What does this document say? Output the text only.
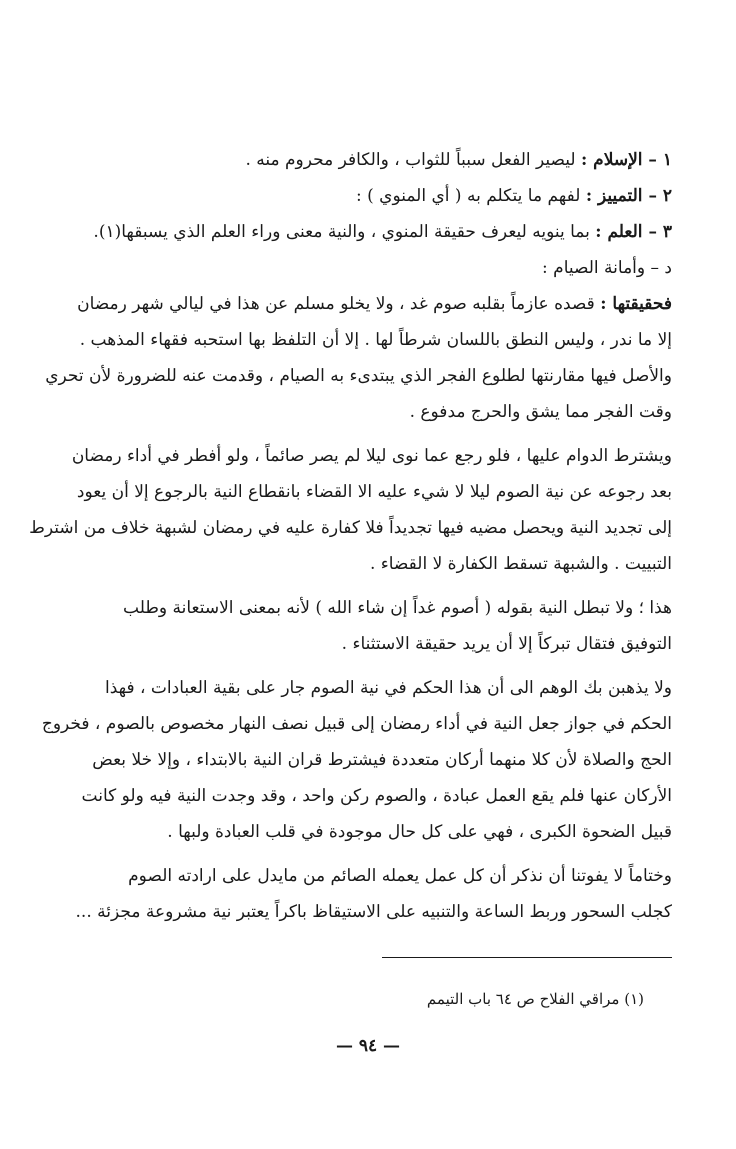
١ – الإسلام : ليصير الفعل سبباً للثواب ، والكافر محروم منه .
٢ – التمييز : لفهم ما يتكلم به ( أي المنوي ) :
٣ – العلم : بما ينويه ليعرف حقيقة المنوي ، والنية معنى وراء العلم الذي يسبقها(١).
د – وأمانة الصيام :
فحقيقتها : قصده عازماً بقلبه صوم غد ، ولا يخلو مسلم عن هذا في ليالي شهر رمضان
إلا ما ندر ، وليس النطق باللسان شرطاً لها . إلا أن التلفظ بها استحبه فقهاء المذهب .
والأصل فيها مقارنتها لطلوع الفجر الذي يبتدىء به الصيام ، وقدمت عنه للضرورة لأن تحري
وقت الفجر مما يشق والحرج مدفوع .
ويشترط الدوام عليها ، فلو رجع عما نوى ليلا لم يصر صائماً ، ولو أفطر في أداء رمضان
بعد رجوعه عن نية الصوم ليلا لا شيء عليه الا القضاء بانقطاع النية بالرجوع إلا أن يعود
إلى تجديد النية ويحصل مضيه فيها تجديداً فلا كفارة عليه في رمضان لشبهة خلاف من اشترط
التبييت . والشبهة تسقط الكفارة لا القضاء .
هذا ؛ ولا تبطل النية بقوله ( أصوم غداً إن شاء الله ) لأنه بمعنى الاستعانة وطلب
التوفيق فتقال تبركاً إلا أن يريد حقيقة الاستثناء .
ولا يذهبن بك الوهم الى أن هذا الحكم في نية الصوم جار على بقية العبادات ، فهذا
الحكم في جواز جعل النية في أداء رمضان إلى قبيل نصف النهار مخصوص بالصوم ، فخروج
الحج والصلاة لأن كلا منهما أركان متعددة فيشترط قران النية بالابتداء ، وإلا خلا بعض
الأركان عنها فلم يقع العمل عبادة ، والصوم ركن واحد ، وقد وجدت النية فيه ولو كانت
قبيل الضحوة الكبرى ، فهي على كل حال موجودة في قلب العبادة ولبها .
وختاماً لا يفوتنا أن نذكر أن كل عمل يعمله الصائم من مايدل على ارادته الصوم
كجلب السحور وربط الساعة والتنبيه على الاستيقاظ باكراً يعتبر نية مشروعة مجزئة ...
(١) مراقي الفلاح ص ٦٤ باب التيمم
— ٩٤ —
